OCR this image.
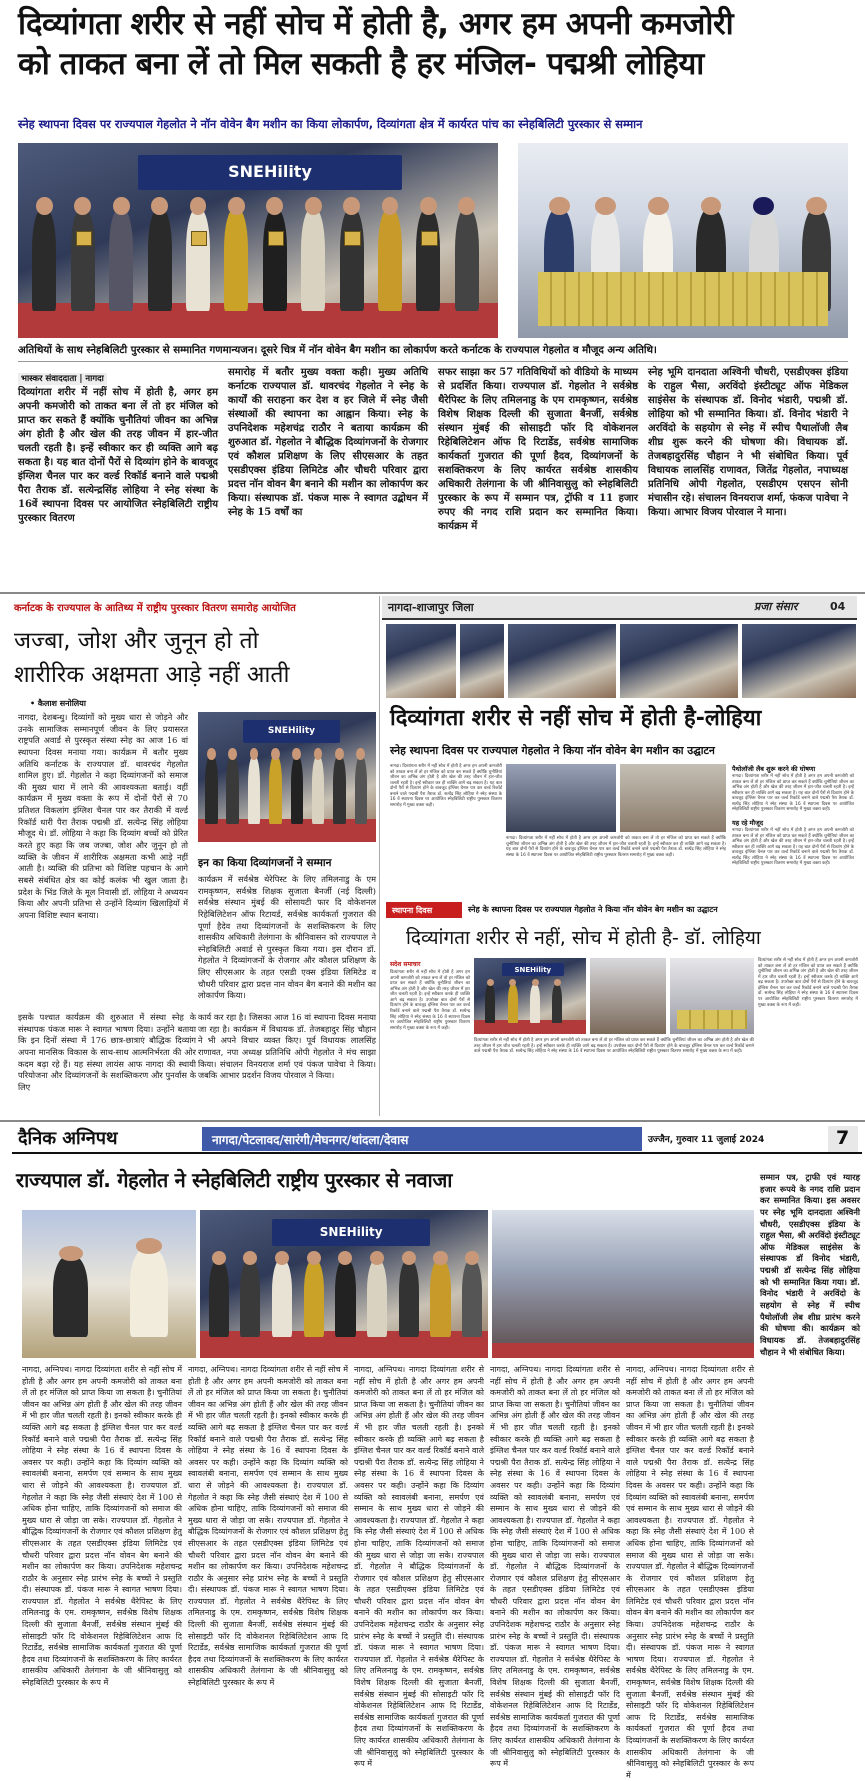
दिव्यांगता शरीर से नहीं सोच में होती है, अगर हम अपनी कमजोरी
को ताकत बना लें तो मिल सकती है हर मंजिल- पद्मश्री लोहिया
स्नेह स्थापना दिवस पर राज्यपाल गेहलोत ने नॉन वोवेन बैग मशीन का किया लोकार्पण, दिव्यांगता क्षेत्र में कार्यरत पांच का स्नेहबिलिटी पुरस्कार से सम्मान
SNEHility
अतिथियों के साथ स्नेहबिलिटी पुरस्कार से सम्मानित गणमान्यजन। दूसरे चित्र में नॉन वोवेन बैग मशीन का लोकार्पण करते कर्नाटक के राज्यपाल गेहलोत व मौजूद अन्य अतिथि।
भास्कर संवाददाता | नागदा
दिव्यांगता शरीर में नहीं सोच में होती है, अगर हम अपनी कमजोरी को ताकत बना लें तो हर मंजिल को प्राप्त कर सकते हैं क्योंकि चुनौतियां जीवन का अभिन्न अंग होती है और खेल की तरह जीवन में हार-जीत चलती रहती है। इन्हें स्वीकार कर ही व्यक्ति आगे बढ़ सकता है। यह बात दोनों पैरों से दिव्यांग होने के बावजूद इंग्लिश चैनल पार कर वर्ल्ड रिकॉर्ड बनाने वाले पद्मश्री पैरा तैराक डॉ. सत्येन्द्रसिंह लोहिया ने स्नेह संस्था के 16वें स्थापना दिवस पर आयोजित स्नेहबिलिटी राष्ट्रीय पुरस्कार वितरण
समारोह में बतौर मुख्य वक्ता कही। मुख्य अतिथि कर्नाटक राज्यपाल डॉ. थावरचंद गेहलोत ने स्नेह के कार्यों की सराहना कर देश व हर जिले में स्नेह जैसी संस्थाओं की स्थापना का आह्वान किया। स्नेह के उपनिदेशक महेशचंद्र राठौर ने बताया कार्यक्रम की शुरुआत डॉ. गेहलोत ने बौद्धिक दिव्यांगजनों के रोजगार एवं कौशल प्रशिक्षण के लिए सीएसआर के तहत एसडीएक्स इंडिया लिमिटेड और चौधरी परिवार द्वारा प्रदत्त नॉन वोवन बैग बनाने की मशीन का लोकार्पण कर किया। संस्थापक डॉ. पंकज मारू ने स्वागत उद्बोधन में स्नेह के 15 वर्षों का
सफर साझा कर 57 गतिविधियों को वीडियो के माध्यम से प्रदर्शित किया। राज्यपाल डॉ. गेहलोत ने सर्वश्रेष्ठ थैरेपिस्ट के लिए तमिलनाडु के एम रामकृष्णन, सर्वश्रेष्ठ विशेष शिक्षक दिल्ली की सुजाता बैनर्जी, सर्वश्रेष्ठ संस्थान मुंबई की सोसाइटी फॉर दि वोकेशनल रिहेबिलिटेशन ऑफ दि रिटार्डेड, सर्वश्रेष्ठ सामाजिक कार्यकर्ता गुजरात की पूर्णा हैदव, दिव्यांगजनों के सशक्तिकरण के लिए कार्यरत सर्वश्रेष्ठ शासकीय अधिकारी तेलंगाना के जी श्रीनिवासुलु को स्नेहबिलिटी पुरस्कार के रूप में सम्मान पत्र, ट्रॉफी व 11 हजार रुपए की नगद राशि प्रदान कर सम्मानित किया। कार्यक्रम में
स्नेह भूमि दानदाता अश्विनी चौधरी, एसडीएक्स इंडिया के राहुल भैसा, अरविंदो इंस्टीट्यूट ऑफ मेडिकल साइंसेस के संस्थापक डॉ. विनोद भंडारी, पद्मश्री डॉ. लोहिया को भी सम्मानित किया। डॉ. विनोद भंडारी ने अरविंदो के सहयोग से स्नेह में स्पीच पैथालॉजी लैब शीघ्र शुरू करने की घोषणा की। विधायक डॉ. तेजबहादुरसिंह चौहान ने भी संबोधित किया। पूर्व विधायक लालसिंह राणावत, जितेंद्र गेहलोत, नपाध्यक्ष प्रतिनिधि ओपी गेहलोत, एसडीएम एसएन सोनी मंचासीन रहे। संचालन विनयराज शर्मा, फंकज पावेचा ने किया। आभार विजय पोरवाल ने माना।
कर्नाटक के राज्यपाल के आतिथ्य में राष्ट्रीय पुरस्कार वितरण समारोह आयोजित
जज्बा, जोश और जुनून हो तो
शारीरिक अक्षमता आड़े नहीं आती
• कैलाश सनोलिया
नागदा, देशबन्धु। दिव्यांगों को मुख्य धारा से जोड़ने और उनके सामाजिक सम्मानपूर्ण जीवन के लिए प्रयासरत राष्ट्रपति अवार्ड से पुरस्कृत संस्था स्नेह का आज 16 वां स्थापना दिवस मनाया गया। कार्यक्रम में बतौर मुख्य अतिथि कर्नाटक के राज्यपाल डॉ. थावरचंद गेहलोत शामिल हुए। डॉ. गेहलोत ने कहा दिव्यांगजनों को समाज की मुख्य धारा में लाने की आवश्यकता बताई। वहीं कार्यक्रम में मुख्य वक्ता के रूप में दोनों पैरों से 70 प्रतिशत विकलांग इंग्लिश चैनल पार कर तैराकी में वर्ल्ड रिकॉर्ड धारी पैरा तैराक पद्मश्री डॉ. सत्येन्द्र सिंह लोहिया मौजूद थे। डॉ. लोहिया ने कहा कि दिव्यांग बच्चों को प्रेरित करते हुए कहा कि जब जज्बा, जोश और जुनून हो तो व्यक्ति के जीवन में शारीरिक अक्षमता कभी आड़े नहीं आती है। व्यक्ति की प्रतिभा को विशिष्ट पहचान के आगे सबसे संबंधित क्षेत्र का कोई कलंक भी खुल जाता है। प्रदेश के भिंड जिले के मूल निवासी डॉ. लोहिया ने अध्ययन किया और अपनी प्रतिभा से उन्होंने दिव्यांग खिलाड़ियों में अपना विशिष्ट स्थान बनाया।
SNEHility
इन का किया दिव्यांगजनों ने सम्मान
कार्यक्रम में सर्वश्रेष्ठ थेरेपिस्ट के लिए तमिलनाडु के एम रामकृष्णन, सर्वश्रेष्ठ शिक्षक सुजाता बैनर्जी (नई दिल्ली) सर्वश्रेष्ठ संस्थान मुंबई की सोसायटी फार दि वोकेशनल रिहेबिलिटेशन ऑफ रिटायर्ड, सर्वश्रेष्ठ कार्यकर्ता गुजरात की पूर्णा हैदेव तथा दिव्यांगजनों के सशक्तिकरण के लिए शासकीय अधिकारी तेलंगाना के श्रीनिवासन को राज्यपाल ने स्नेहबिलिटी अवार्ड से पुरस्कृत किया गया। इस दौरान डॉ. गेहलोत ने दिव्यांगजनों के रोजगार और कौशल प्रशिक्षण के लिए सीएसआर के तहत एसडी एक्स इंडिया लिमिटेड व चौधरी परिवार द्वारा प्रदत्त नान वोवन बैग बनाने की मशीन का लोकार्पण किया।
इसके पश्चात कार्यक्रम की शुरुआत में संस्था स्नेह के संस्थापक पंकज मारू ने स्वागत भाषण दिया। उन्होंने बताया कि इन दिनों संस्था में 176 छात्र-छात्राएं बौद्धिक दिव्यांग अपना मानसिक विकास के साथ-साथ आत्मनिर्भरता की ओर कदम बढ़ा रहे हैं। यह संस्था लायंस आफ नागदा की स्थायी परियोजना और दिव्यांगजनों के सशक्तिकरण और पुनर्वास के लिए
कार्य कर रहा है। जिसका आज 16 वां स्थापना दिवस मनाया जा रहा है। कार्यक्रम में विधायक डॉ. तेजबहादुर सिंह चौहान ने भी अपने विचार व्यक्त किए। पूर्व विधायक लालसिंह राणावत, नपा अध्यक्ष प्रतिनिधि ओपी गेहलोत ने मंच साझा किया। संचालन विनयराज शर्मा एवं पंकज पावेचा ने किया। जबकि आभार प्रदर्शन विजय पोरवाल ने किया।
नागदा-शाजापुर जिला	प्रजा संसार	04
दिव्यांगता शरीर से नहीं सोच में होती है-लोहिया
स्नेह स्थापना दिवस पर राज्यपाल गेहलोत ने किया नॉन वोवेन बेग मशीन का उद्घाटन
नागदा। दिव्यांगता शरीर में नहीं सोच में होती है अगर हम अपनी कमजोरी को ताकत बना लें तो हर मंजिल को प्राप्त कर सकते हैं क्योंकि चुनौतियां जीवन का अभिन्न अंग होती है और खेल की तरह जीवन में हार-जीत चलती रहती है। इन्हें स्वीकार कर ही व्यक्ति आगे बढ़ सकता है। यह बात दोनों पैरों से दिव्यांग होने के बावजूद इंग्लिश चैनल पार कर वर्ल्ड रिकॉर्ड बनाने वाले पद्मश्री पैरा तैराक डॉ. सत्येंद्र सिंह लोहिया ने स्नेह संस्था के 16 वें स्थापना दिवस पर आयोजित स्नेहबिलिटी राष्ट्रीय पुरस्कार वितरण समारोह में मुख्य वक्ता कही।
नागदा। दिव्यांगता शरीर में नहीं सोच में होती है अगर हम अपनी कमजोरी को ताकत बना लें तो हर मंजिल को प्राप्त कर सकते हैं क्योंकि चुनौतियां जीवन का अभिन्न अंग होती है और खेल की तरह जीवन में हार-जीत चलती रहती है। इन्हें स्वीकार कर ही व्यक्ति आगे बढ़ सकता है। यह बात दोनों पैरों से दिव्यांग होने के बावजूद इंग्लिश चैनल पार कर वर्ल्ड रिकॉर्ड बनाने वाले पद्मश्री पैरा तैराक डॉ. सत्येंद्र सिंह लोहिया ने स्नेह संस्था के 16 वें स्थापना दिवस पर आयोजित स्नेहबिलिटी राष्ट्रीय पुरस्कार वितरण समारोह में मुख्य वक्ता कही।
पैथोलॉजी लैब शुरू करने की घोषणा
नागदा। दिव्यांगता शरीर में नहीं सोच में होती है अगर हम अपनी कमजोरी को ताकत बना लें तो हर मंजिल को प्राप्त कर सकते हैं क्योंकि चुनौतियां जीवन का अभिन्न अंग होती है और खेल की तरह जीवन में हार-जीत चलती रहती है। इन्हें स्वीकार कर ही व्यक्ति आगे बढ़ सकता है। यह बात दोनों पैरों से दिव्यांग होने के बावजूद इंग्लिश चैनल पार कर वर्ल्ड रिकॉर्ड बनाने वाले पद्मश्री पैरा तैराक डॉ. सत्येंद्र सिंह लोहिया ने स्नेह संस्था के 16 वें स्थापना दिवस पर आयोजित स्नेहबिलिटी राष्ट्रीय पुरस्कार वितरण समारोह में मुख्य वक्ता कही।
यह रहे मौजूद
नागदा। दिव्यांगता शरीर में नहीं सोच में होती है अगर हम अपनी कमजोरी को ताकत बना लें तो हर मंजिल को प्राप्त कर सकते हैं क्योंकि चुनौतियां जीवन का अभिन्न अंग होती है और खेल की तरह जीवन में हार-जीत चलती रहती है। इन्हें स्वीकार कर ही व्यक्ति आगे बढ़ सकता है। यह बात दोनों पैरों से दिव्यांग होने के बावजूद इंग्लिश चैनल पार कर वर्ल्ड रिकॉर्ड बनाने वाले पद्मश्री पैरा तैराक डॉ. सत्येंद्र सिंह लोहिया ने स्नेह संस्था के 16 वें स्थापना दिवस पर आयोजित स्नेहबिलिटी राष्ट्रीय पुरस्कार वितरण समारोह में मुख्य वक्ता कही।
स्थापना दिवस	स्नेह के स्थापना दिवस पर राज्यपाल गेहलोत ने किया नॉन वोवेन बेग मशीन का उद्घाटन
दिव्यांगता शरीर से नहीं, सोच में होती है- डॉ. लोहिया
सदेश समाचार
दिव्यांगता शरीर से नहीं सोच में होती है अगर हम अपनी कमजोरी को ताकत बना लें तो हर मंजिल को प्राप्त कर सकते हैं क्योंकि चुनौतियां जीवन का अभिन्न अंग होती है और खेल की तरह जीवन में हार जीत चलती रहती है। इन्हें स्वीकार करके ही व्यक्ति आगे बढ़ सकता है। उपरोक्त बात दोनों पैरों से दिव्यांग होने के बावजूद इंग्लिश चैनल पार कर वर्ल्ड रिकॉर्ड बनाने वाले पद्मश्री पैरा तैराक डॉ. सत्येन्द्र सिंह लोहिया ने स्नेह संस्था के 16 वें स्थापना दिवस पर आयोजित स्नेहबिलिटी राष्ट्रीय पुरस्कार वितरण समारोह में मुख्य वक्ता के रूप में कही।
SNEHility
दिव्यांगता शरीर से नहीं सोच में होती है अगर हम अपनी कमजोरी को ताकत बना लें तो हर मंजिल को प्राप्त कर सकते हैं क्योंकि चुनौतियां जीवन का अभिन्न अंग होती है और खेल की तरह जीवन में हार जीत चलती रहती है। इन्हें स्वीकार करके ही व्यक्ति आगे बढ़ सकता है। उपरोक्त बात दोनों पैरों से दिव्यांग होने के बावजूद इंग्लिश चैनल पार कर वर्ल्ड रिकॉर्ड बनाने वाले पद्मश्री पैरा तैराक डॉ. सत्येन्द्र सिंह लोहिया ने स्नेह संस्था के 16 वें स्थापना दिवस पर आयोजित स्नेहबिलिटी राष्ट्रीय पुरस्कार वितरण समारोह में मुख्य वक्ता के रूप में कही।
दिव्यांगता शरीर से नहीं सोच में होती है अगर हम अपनी कमजोरी को ताकत बना लें तो हर मंजिल को प्राप्त कर सकते हैं क्योंकि चुनौतियां जीवन का अभिन्न अंग होती है और खेल की तरह जीवन में हार जीत चलती रहती है। इन्हें स्वीकार करके ही व्यक्ति आगे बढ़ सकता है। उपरोक्त बात दोनों पैरों से दिव्यांग होने के बावजूद इंग्लिश चैनल पार कर वर्ल्ड रिकॉर्ड बनाने वाले पद्मश्री पैरा तैराक डॉ. सत्येन्द्र सिंह लोहिया ने स्नेह संस्था के 16 वें स्थापना दिवस पर आयोजित स्नेहबिलिटी राष्ट्रीय पुरस्कार वितरण समारोह में मुख्य वक्ता के रूप में कही।
दैनिक अग्निपथ	नागदा/पेटलावद/सारंगी/मेघनगर/थांदला/देवास	उज्जैन, गुरुवार 11 जुलाई 2024	7
राज्यपाल डॉ. गेहलोत ने स्नेहबिलिटी राष्ट्रीय पुरस्कार से नवाजा
SNEHility
सम्मान पत्र, ट्राफी एवं ग्यारह हजार रूपये के नगद राशि प्रदान कर सम्मानित किया। इस अवसर पर स्नेह भूमि दानदाता अश्विनी चौधरी, एसडीएक्स इंडिया के राहुल भैसा, श्री अरविंदो इंस्टीट्यूट ऑफ मेडिकल साइंसेस के संस्थापक डॉ विनोद भंडारी, पद्मश्री डॉ सत्येन्द्र सिंह लोहिया को भी सम्मानित किया गया। डॉ. विनोद भंडारी ने अरविंदो के सहयोग से स्नेह में स्पीच पैथोलॉजी लेब शीघ्र प्रारंभ करने की घोषणा की। कार्यक्रम को विधायक डॉ. तेजबहादुरसिंह चौहान ने भी संबोधित किया।
नागदा, अग्निपथ। नागदा दिव्यांगता शरीर से नहीं सोच में होती है और अगर हम अपनी कमजोरी को ताकत बना लें तो हर मंजिल को प्राप्त किया जा सकता है। चुनौतियां जीवन का अभिन्न अंग होती हैं और खेल की तरह जीवन में भी हार जीत चलती रहती है। इनको स्वीकार करके ही व्यक्ति आगे बढ़ सकता है इंग्लिश चैनल पार कर वर्ल्ड रिकॉर्ड बनाने वाले पद्मश्री पैरा तैराक डॉ. सत्येन्द्र सिंह लोहिया ने स्नेह संस्था के 16 वें स्थापना दिवस के अवसर पर कही। उन्होंने कहा कि दिव्यांग व्यक्ति को स्वावलंबी बनाना, समर्पण एवं सम्मान के साथ मुख्य धारा से जोड़ने की आवश्यकता है। राज्यपाल डॉ. गेहलोत ने कहा कि स्नेह जैसी संस्थाएं देश में 100 से अधिक होना चाहिए, ताकि दिव्यांगजनों को समाज की मुख्य धारा से जोड़ा जा सके। राज्यपाल डॉ. गेहलोत ने बौद्धिक दिव्यांगजनों के रोजगार एवं कौशल प्रशिक्षण हेतु सीएसआर के तहत एसडीएक्स इंडिया लिमिटेड एवं चौधरी परिवार द्वारा प्रदत्त नॉन वोवन बेग बनाने की मशीन का लोकार्पण कर किया। उपनिदेशक महेशचन्द्र राठौर के अनुसार स्नेह प्रारंभ स्नेह के बच्चों ने प्रस्तुति दी। संस्थापक डॉ. पंकज मारू ने स्वागत भाषण दिया। राज्यपाल डॉ. गेहलोत ने सर्वश्रेष्ठ थैरेपिस्ट के लिए तमिलनाडु के एम. रामकृष्णन, सर्वश्रेष्ठ विशेष शिक्षक दिल्ली की सुजाता बैनर्जी, सर्वश्रेष्ठ संस्थान मुंबई की सोसाइटी फॉर दि वोकेशनल रिहेबिलिटेशन आफ दि रिटार्डेड, सर्वश्रेष्ठ सामाजिक कार्यकर्ता गुजरात की पूर्णा हैदव तथा दिव्यांगजनों के सशक्तिकरण के लिए कार्यरत शासकीय अधिकारी तेलंगाना के जी श्रीनिवासुलु को स्नेहबिलिटी पुरस्कार के रूप में
नागदा, अग्निपथ। नागदा दिव्यांगता शरीर से नहीं सोच में होती है और अगर हम अपनी कमजोरी को ताकत बना लें तो हर मंजिल को प्राप्त किया जा सकता है। चुनौतियां जीवन का अभिन्न अंग होती हैं और खेल की तरह जीवन में भी हार जीत चलती रहती है। इनको स्वीकार करके ही व्यक्ति आगे बढ़ सकता है इंग्लिश चैनल पार कर वर्ल्ड रिकॉर्ड बनाने वाले पद्मश्री पैरा तैराक डॉ. सत्येन्द्र सिंह लोहिया ने स्नेह संस्था के 16 वें स्थापना दिवस के अवसर पर कही। उन्होंने कहा कि दिव्यांग व्यक्ति को स्वावलंबी बनाना, समर्पण एवं सम्मान के साथ मुख्य धारा से जोड़ने की आवश्यकता है। राज्यपाल डॉ. गेहलोत ने कहा कि स्नेह जैसी संस्थाएं देश में 100 से अधिक होना चाहिए, ताकि दिव्यांगजनों को समाज की मुख्य धारा से जोड़ा जा सके। राज्यपाल डॉ. गेहलोत ने बौद्धिक दिव्यांगजनों के रोजगार एवं कौशल प्रशिक्षण हेतु सीएसआर के तहत एसडीएक्स इंडिया लिमिटेड एवं चौधरी परिवार द्वारा प्रदत्त नॉन वोवन बेग बनाने की मशीन का लोकार्पण कर किया। उपनिदेशक महेशचन्द्र राठौर के अनुसार स्नेह प्रारंभ स्नेह के बच्चों ने प्रस्तुति दी। संस्थापक डॉ. पंकज मारू ने स्वागत भाषण दिया। राज्यपाल डॉ. गेहलोत ने सर्वश्रेष्ठ थैरेपिस्ट के लिए तमिलनाडु के एम. रामकृष्णन, सर्वश्रेष्ठ विशेष शिक्षक दिल्ली की सुजाता बैनर्जी, सर्वश्रेष्ठ संस्थान मुंबई की सोसाइटी फॉर दि वोकेशनल रिहेबिलिटेशन आफ दि रिटार्डेड, सर्वश्रेष्ठ सामाजिक कार्यकर्ता गुजरात की पूर्णा हैदव तथा दिव्यांगजनों के सशक्तिकरण के लिए कार्यरत शासकीय अधिकारी तेलंगाना के जी श्रीनिवासुलु को स्नेहबिलिटी पुरस्कार के रूप में
नागदा, अग्निपथ। नागदा दिव्यांगता शरीर से नहीं सोच में होती है और अगर हम अपनी कमजोरी को ताकत बना लें तो हर मंजिल को प्राप्त किया जा सकता है। चुनौतियां जीवन का अभिन्न अंग होती हैं और खेल की तरह जीवन में भी हार जीत चलती रहती है। इनको स्वीकार करके ही व्यक्ति आगे बढ़ सकता है इंग्लिश चैनल पार कर वर्ल्ड रिकॉर्ड बनाने वाले पद्मश्री पैरा तैराक डॉ. सत्येन्द्र सिंह लोहिया ने स्नेह संस्था के 16 वें स्थापना दिवस के अवसर पर कही। उन्होंने कहा कि दिव्यांग व्यक्ति को स्वावलंबी बनाना, समर्पण एवं सम्मान के साथ मुख्य धारा से जोड़ने की आवश्यकता है। राज्यपाल डॉ. गेहलोत ने कहा कि स्नेह जैसी संस्थाएं देश में 100 से अधिक होना चाहिए, ताकि दिव्यांगजनों को समाज की मुख्य धारा से जोड़ा जा सके। राज्यपाल डॉ. गेहलोत ने बौद्धिक दिव्यांगजनों के रोजगार एवं कौशल प्रशिक्षण हेतु सीएसआर के तहत एसडीएक्स इंडिया लिमिटेड एवं चौधरी परिवार द्वारा प्रदत्त नॉन वोवन बेग बनाने की मशीन का लोकार्पण कर किया। उपनिदेशक महेशचन्द्र राठौर के अनुसार स्नेह प्रारंभ स्नेह के बच्चों ने प्रस्तुति दी। संस्थापक डॉ. पंकज मारू ने स्वागत भाषण दिया। राज्यपाल डॉ. गेहलोत ने सर्वश्रेष्ठ थैरेपिस्ट के लिए तमिलनाडु के एम. रामकृष्णन, सर्वश्रेष्ठ विशेष शिक्षक दिल्ली की सुजाता बैनर्जी, सर्वश्रेष्ठ संस्थान मुंबई की सोसाइटी फॉर दि वोकेशनल रिहेबिलिटेशन आफ दि रिटार्डेड, सर्वश्रेष्ठ सामाजिक कार्यकर्ता गुजरात की पूर्णा हैदव तथा दिव्यांगजनों के सशक्तिकरण के लिए कार्यरत शासकीय अधिकारी तेलंगाना के जी श्रीनिवासुलु को स्नेहबिलिटी पुरस्कार के रूप में
नागदा, अग्निपथ। नागदा दिव्यांगता शरीर से नहीं सोच में होती है और अगर हम अपनी कमजोरी को ताकत बना लें तो हर मंजिल को प्राप्त किया जा सकता है। चुनौतियां जीवन का अभिन्न अंग होती हैं और खेल की तरह जीवन में भी हार जीत चलती रहती है। इनको स्वीकार करके ही व्यक्ति आगे बढ़ सकता है इंग्लिश चैनल पार कर वर्ल्ड रिकॉर्ड बनाने वाले पद्मश्री पैरा तैराक डॉ. सत्येन्द्र सिंह लोहिया ने स्नेह संस्था के 16 वें स्थापना दिवस के अवसर पर कही। उन्होंने कहा कि दिव्यांग व्यक्ति को स्वावलंबी बनाना, समर्पण एवं सम्मान के साथ मुख्य धारा से जोड़ने की आवश्यकता है। राज्यपाल डॉ. गेहलोत ने कहा कि स्नेह जैसी संस्थाएं देश में 100 से अधिक होना चाहिए, ताकि दिव्यांगजनों को समाज की मुख्य धारा से जोड़ा जा सके। राज्यपाल डॉ. गेहलोत ने बौद्धिक दिव्यांगजनों के रोजगार एवं कौशल प्रशिक्षण हेतु सीएसआर के तहत एसडीएक्स इंडिया लिमिटेड एवं चौधरी परिवार द्वारा प्रदत्त नॉन वोवन बेग बनाने की मशीन का लोकार्पण कर किया। उपनिदेशक महेशचन्द्र राठौर के अनुसार स्नेह प्रारंभ स्नेह के बच्चों ने प्रस्तुति दी। संस्थापक डॉ. पंकज मारू ने स्वागत भाषण दिया। राज्यपाल डॉ. गेहलोत ने सर्वश्रेष्ठ थैरेपिस्ट के लिए तमिलनाडु के एम. रामकृष्णन, सर्वश्रेष्ठ विशेष शिक्षक दिल्ली की सुजाता बैनर्जी, सर्वश्रेष्ठ संस्थान मुंबई की सोसाइटी फॉर दि वोकेशनल रिहेबिलिटेशन आफ दि रिटार्डेड, सर्वश्रेष्ठ सामाजिक कार्यकर्ता गुजरात की पूर्णा हैदव तथा दिव्यांगजनों के सशक्तिकरण के लिए कार्यरत शासकीय अधिकारी तेलंगाना के जी श्रीनिवासुलु को स्नेहबिलिटी पुरस्कार के रूप में
नागदा, अग्निपथ। नागदा दिव्यांगता शरीर से नहीं सोच में होती है और अगर हम अपनी कमजोरी को ताकत बना लें तो हर मंजिल को प्राप्त किया जा सकता है। चुनौतियां जीवन का अभिन्न अंग होती हैं और खेल की तरह जीवन में भी हार जीत चलती रहती है। इनको स्वीकार करके ही व्यक्ति आगे बढ़ सकता है इंग्लिश चैनल पार कर वर्ल्ड रिकॉर्ड बनाने वाले पद्मश्री पैरा तैराक डॉ. सत्येन्द्र सिंह लोहिया ने स्नेह संस्था के 16 वें स्थापना दिवस के अवसर पर कही। उन्होंने कहा कि दिव्यांग व्यक्ति को स्वावलंबी बनाना, समर्पण एवं सम्मान के साथ मुख्य धारा से जोड़ने की आवश्यकता है। राज्यपाल डॉ. गेहलोत ने कहा कि स्नेह जैसी संस्थाएं देश में 100 से अधिक होना चाहिए, ताकि दिव्यांगजनों को समाज की मुख्य धारा से जोड़ा जा सके। राज्यपाल डॉ. गेहलोत ने बौद्धिक दिव्यांगजनों के रोजगार एवं कौशल प्रशिक्षण हेतु सीएसआर के तहत एसडीएक्स इंडिया लिमिटेड एवं चौधरी परिवार द्वारा प्रदत्त नॉन वोवन बेग बनाने की मशीन का लोकार्पण कर किया। उपनिदेशक महेशचन्द्र राठौर के अनुसार स्नेह प्रारंभ स्नेह के बच्चों ने प्रस्तुति दी। संस्थापक डॉ. पंकज मारू ने स्वागत भाषण दिया। राज्यपाल डॉ. गेहलोत ने सर्वश्रेष्ठ थैरेपिस्ट के लिए तमिलनाडु के एम. रामकृष्णन, सर्वश्रेष्ठ विशेष शिक्षक दिल्ली की सुजाता बैनर्जी, सर्वश्रेष्ठ संस्थान मुंबई की सोसाइटी फॉर दि वोकेशनल रिहेबिलिटेशन आफ दि रिटार्डेड, सर्वश्रेष्ठ सामाजिक कार्यकर्ता गुजरात की पूर्णा हैदव तथा दिव्यांगजनों के सशक्तिकरण के लिए कार्यरत शासकीय अधिकारी तेलंगाना के जी श्रीनिवासुलु को स्नेहबिलिटी पुरस्कार के रूप में
